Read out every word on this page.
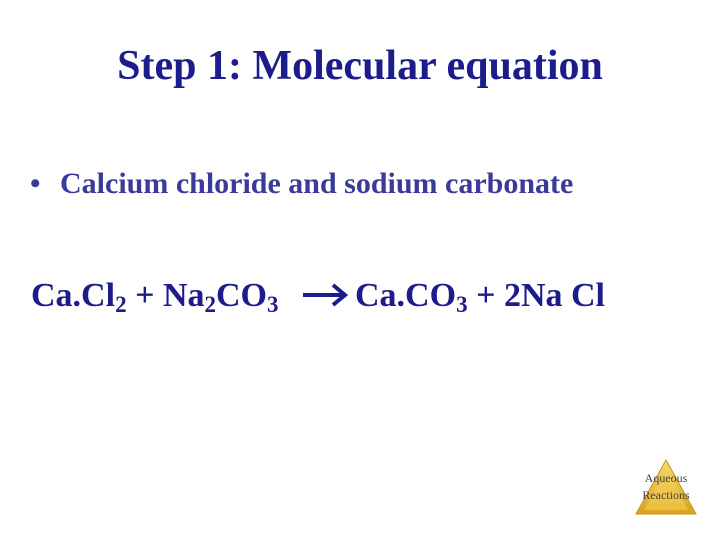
Step 1: Molecular equation
• Calcium chloride and sodium carbonate
$Ca.Cl_2 + Na_2CO_3$ $Ca.CO_3 + 2Na$ Cl
Aqueous
Reactions
